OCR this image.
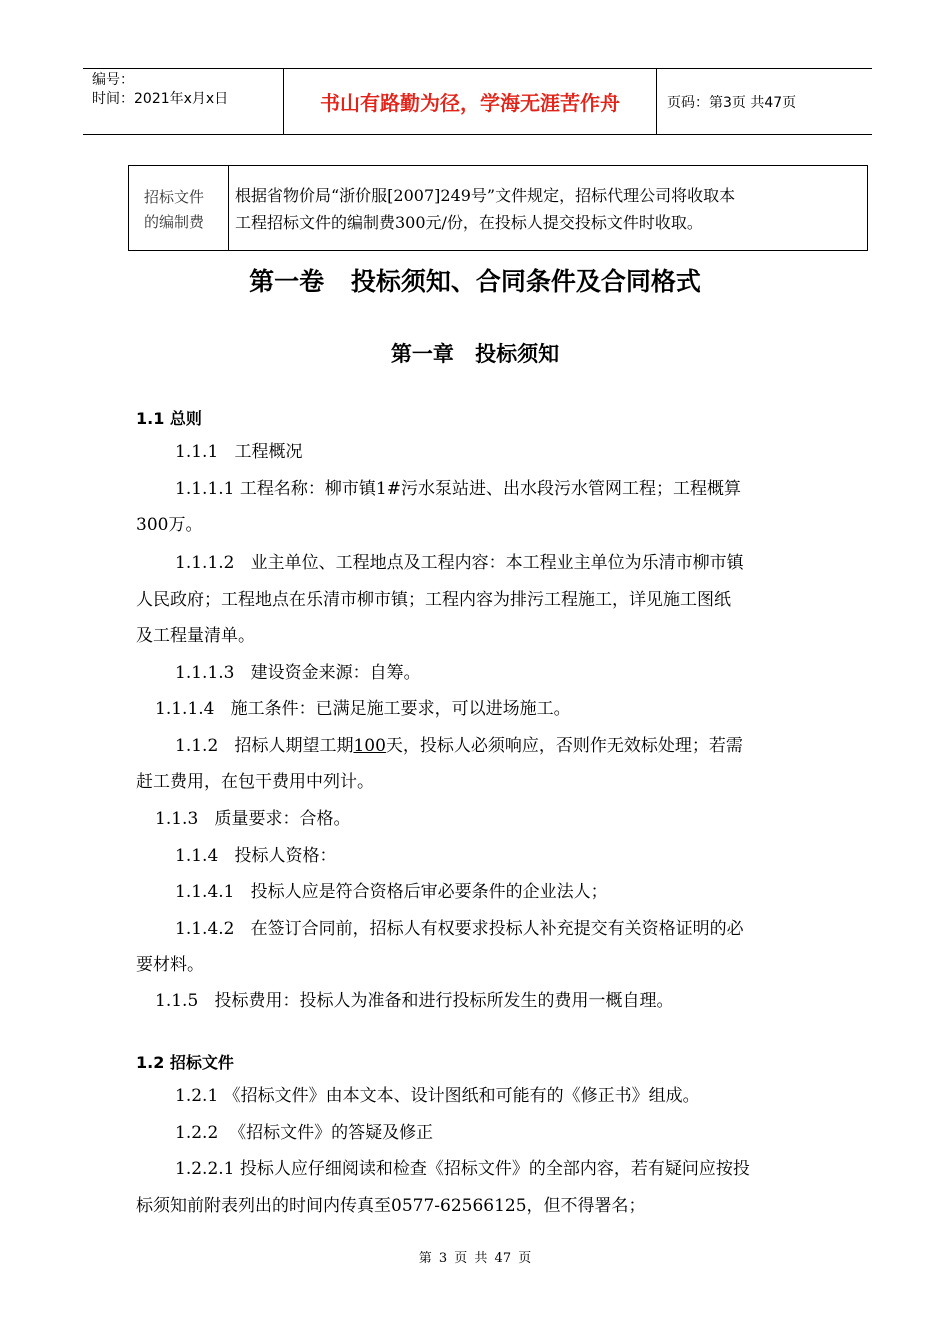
编号：
时间：2021年x月x日	书山有路勤为径，学海无涯苦作舟	页码：第3页 共47页
招标文件
的编制费
根据省物价局“浙价服[2007]249号”文件规定，招标代理公司将收取本
工程招标文件的编制费300元/份，在投标人提交投标文件时收取。
第一卷 投标须知、合同条件及合同格式
第一章 投标须知
1.1 总则
1.1.1   工程概况
1.1.1.1 工程名称：柳市镇1#污水泵站进、出水段污水管网工程；工程概算
300万。
1.1.1.2   业主单位、工程地点及工程内容：本工程业主单位为乐清市柳市镇
人民政府；工程地点在乐清市柳市镇；工程内容为排污工程施工，详见施工图纸
及工程量清单。
1.1.1.3   建设资金来源：自筹。
1.1.1.4   施工条件：已满足施工要求，可以进场施工。
1.1.2   招标人期望工期100天，投标人必须响应，否则作无效标处理；若需
赶工费用，在包干费用中列计。
1.1.3   质量要求：合格。
1.1.4   投标人资格：
1.1.4.1   投标人应是符合资格后审必要条件的企业法人；
1.1.4.2   在签订合同前，招标人有权要求投标人补充提交有关资格证明的必
要材料。
1.1.5   投标费用：投标人为准备和进行投标所发生的费用一概自理。
1.2 招标文件
1.2.1 《招标文件》由本文本、设计图纸和可能有的《修正书》组成。
1.2.2  《招标文件》的答疑及修正
1.2.2.1 投标人应仔细阅读和检查《招标文件》的全部内容，若有疑问应按投
标须知前附表列出的时间内传真至0577-62566125，但不得署名；
第 3 页 共 47 页
